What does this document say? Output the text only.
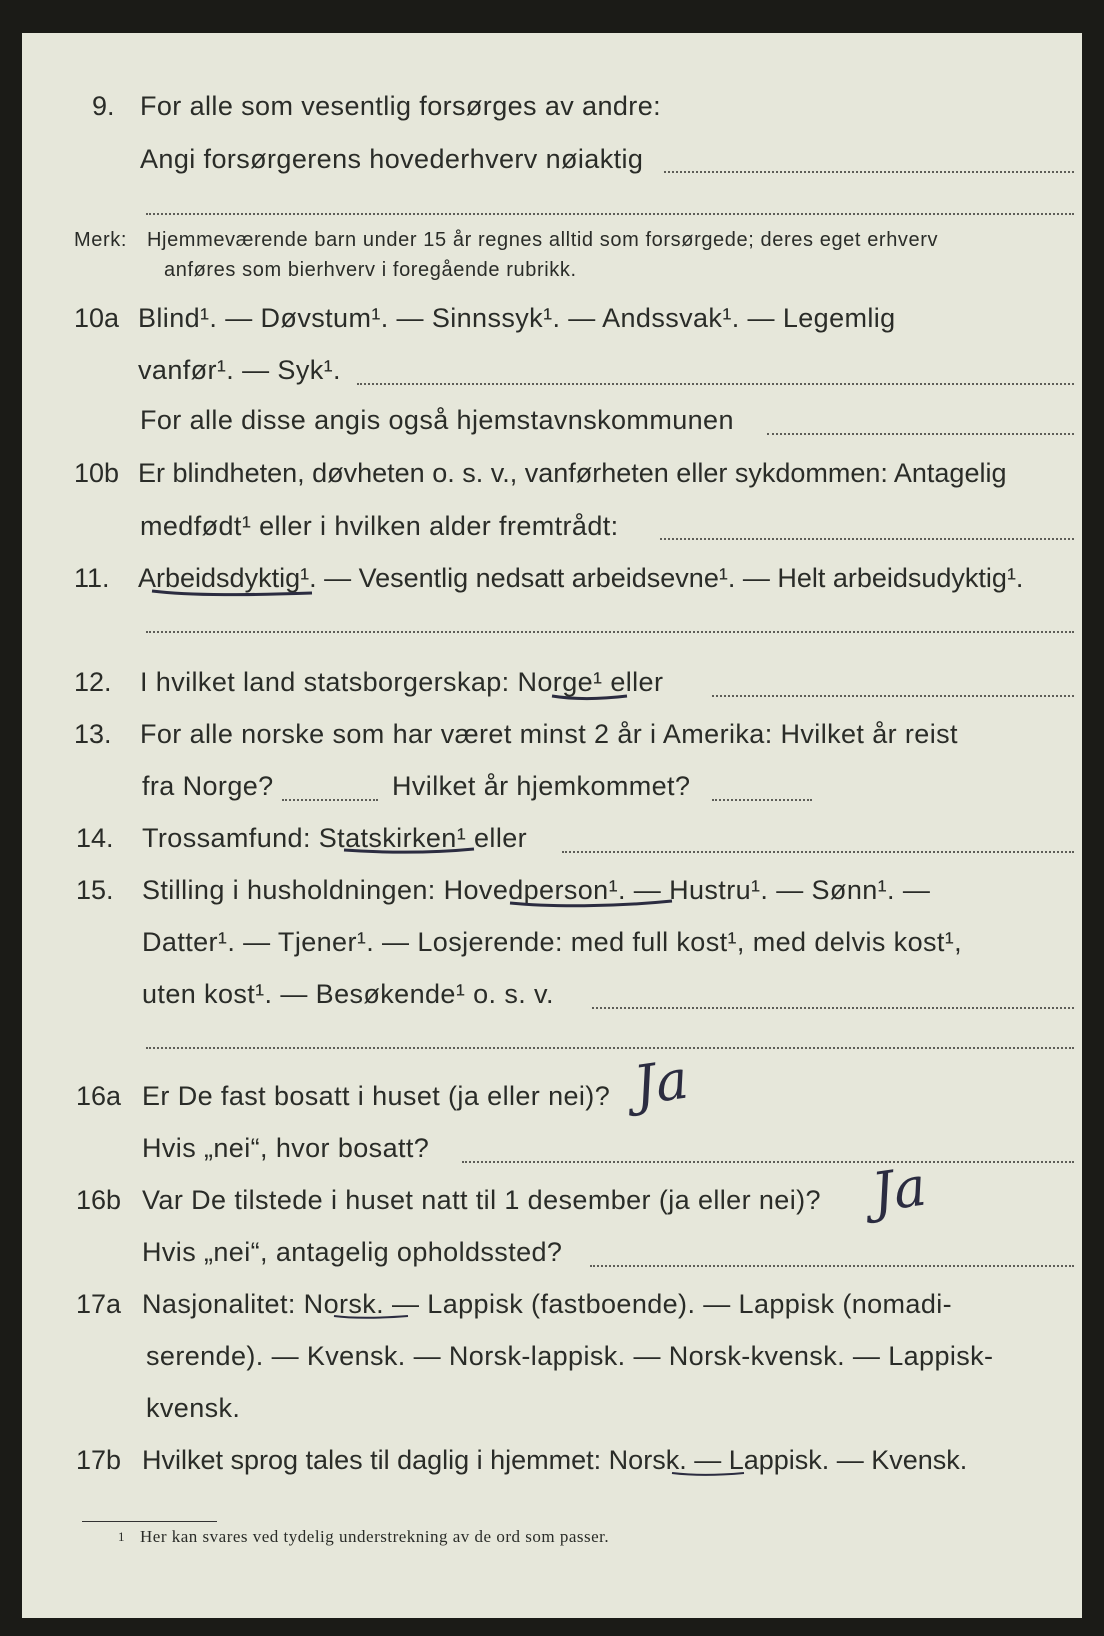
9. For alle som vesentlig forsørges av andre:
Angi forsørgerens hovederhverv nøiaktig
Merk: Hjemmeværende barn under 15 år regnes alltid som forsørgede; deres eget erhverv
anføres som bierhverv i foregående rubrikk.
10a Blind¹. — Døvstum¹. — Sinnssyk¹. — Andssvak¹. — Legemlig
vanfør¹. — Syk¹.
For alle disse angis også hjemstavnskommunen
10b Er blindheten, døvheten o. s. v., vanførheten eller sykdommen: Antagelig
medfødt¹ eller i hvilken alder fremtrådt:
11. Arbeidsdyktig¹. — Vesentlig nedsatt arbeidsevne¹. — Helt arbeidsudyktig¹.
12. I hvilket land statsborgerskap: Norge¹ eller
13. For alle norske som har været minst 2 år i Amerika: Hvilket år reist
fra Norge?	Hvilket år hjemkommet?
14. Trossamfund: Statskirken¹ eller
15. Stilling i husholdningen: Hovedperson¹. — Hustru¹. — Sønn¹. —
Datter¹. — Tjener¹. — Losjerende: med full kost¹, med delvis kost¹,
uten kost¹. — Besøkende¹ o. s. v.
16a Er De fast bosatt i huset (ja eller nei)?
Hvis „nei“, hvor bosatt?
16b Var De tilstede i huset natt til 1 desember (ja eller nei)?
Hvis „nei“, antagelig opholdssted?
17a Nasjonalitet: Norsk. — Lappisk (fastboende). — Lappisk (nomadi-
serende). — Kvensk. — Norsk-lappisk. — Norsk-kvensk. — Lappisk-
kvensk.
17b Hvilket sprog tales til daglig i hjemmet: Norsk. — Lappisk. — Kvensk.
1 Her kan svares ved tydelig understrekning av de ord som passer.
Ja
Ja
